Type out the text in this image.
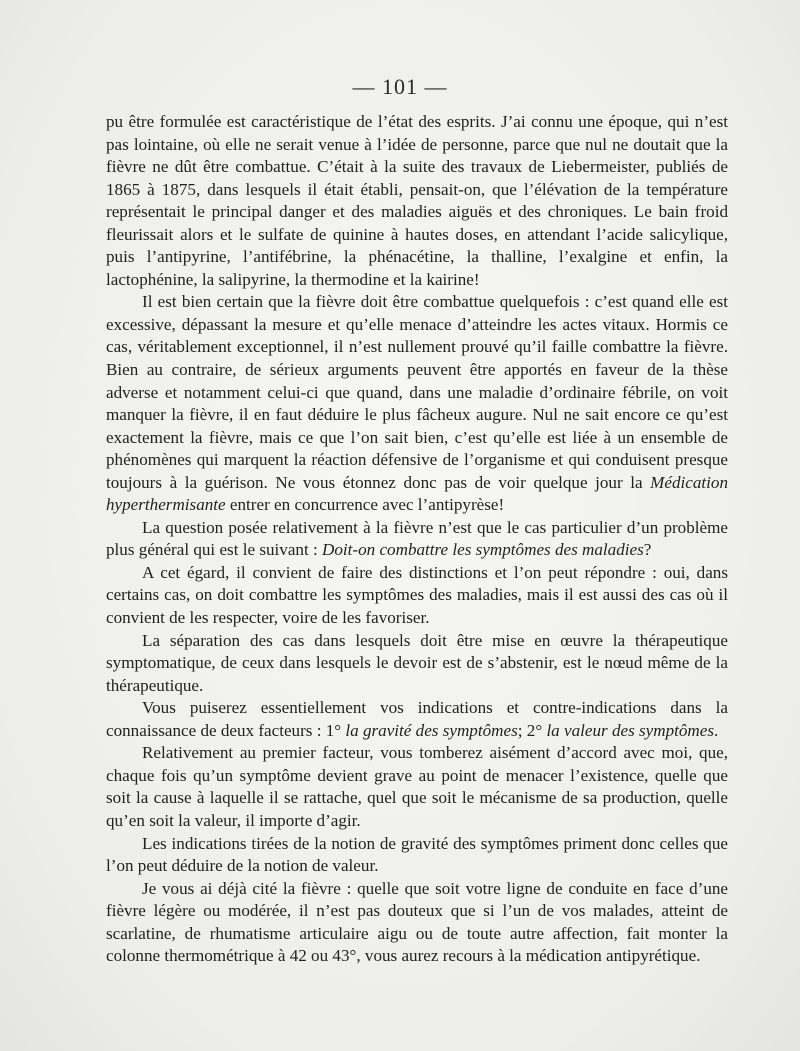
— 101 —

pu être formulée est caractéristique de l’état des esprits. J’ai connu une époque, qui n’est pas lointaine, où elle ne serait venue à l’idée de personne, parce que nul ne doutait que la fièvre ne dût être combattue. C’était à la suite des travaux de Liebermeister, publiés de 1865 à 1875, dans lesquels il était établi, pensait-on, que l’élévation de la température représentait le principal danger et des maladies aiguës et des chroniques. Le bain froid fleurissait alors et le sulfate de quinine à hautes doses, en attendant l’acide salicylique, puis l’antipyrine, l’antifébrine, la phénacétine, la thalline, l’exalgine et enfin, la lactophénine, la salipyrine, la thermodine et la kairine!

Il est bien certain que la fièvre doit être combattue quelquefois : c’est quand elle est excessive, dépassant la mesure et qu’elle menace d’atteindre les actes vitaux. Hormis ce cas, véritablement exceptionnel, il n’est nullement prouvé qu’il faille combattre la fièvre. Bien au contraire, de sérieux arguments peuvent être apportés en faveur de la thèse adverse et notamment celui-ci que quand, dans une maladie d’ordinaire fébrile, on voit manquer la fièvre, il en faut déduire le plus fâcheux augure. Nul ne sait encore ce qu’est exactement la fièvre, mais ce que l’on sait bien, c’est qu’elle est liée à un ensemble de phénomènes qui marquent la réaction défensive de l’organisme et qui conduisent presque toujours à la guérison. Ne vous étonnez donc pas de voir quelque jour la Médication hyperthermisante entrer en concurrence avec l’antipyrèse!

La question posée relativement à la fièvre n’est que le cas particulier d’un problème plus général qui est le suivant : Doit-on combattre les symptômes des maladies?

A cet égard, il convient de faire des distinctions et l’on peut répondre : oui, dans certains cas, on doit combattre les symptômes des maladies, mais il est aussi des cas où il convient de les respecter, voire de les favoriser.

La séparation des cas dans lesquels doit être mise en œuvre la thérapeutique symptomatique, de ceux dans lesquels le devoir est de s’abstenir, est le nœud même de la thérapeutique.

Vous puiserez essentiellement vos indications et contre-indications dans la connaissance de deux facteurs : 1° la gravité des symptômes; 2° la valeur des symptômes.

Relativement au premier facteur, vous tomberez aisément d’accord avec moi, que, chaque fois qu’un symptôme devient grave au point de menacer l’existence, quelle que soit la cause à laquelle il se rattache, quel que soit le mécanisme de sa production, quelle qu’en soit la valeur, il importe d’agir.

Les indications tirées de la notion de gravité des symptômes priment donc celles que l’on peut déduire de la notion de valeur.

Je vous ai déjà cité la fièvre : quelle que soit votre ligne de conduite en face d’une fièvre légère ou modérée, il n’est pas douteux que si l’un de vos malades, atteint de scarlatine, de rhumatisme articulaire aigu ou de toute autre affection, fait monter la colonne thermométrique à 42 ou 43°, vous aurez recours à la médication antipyrétique.
